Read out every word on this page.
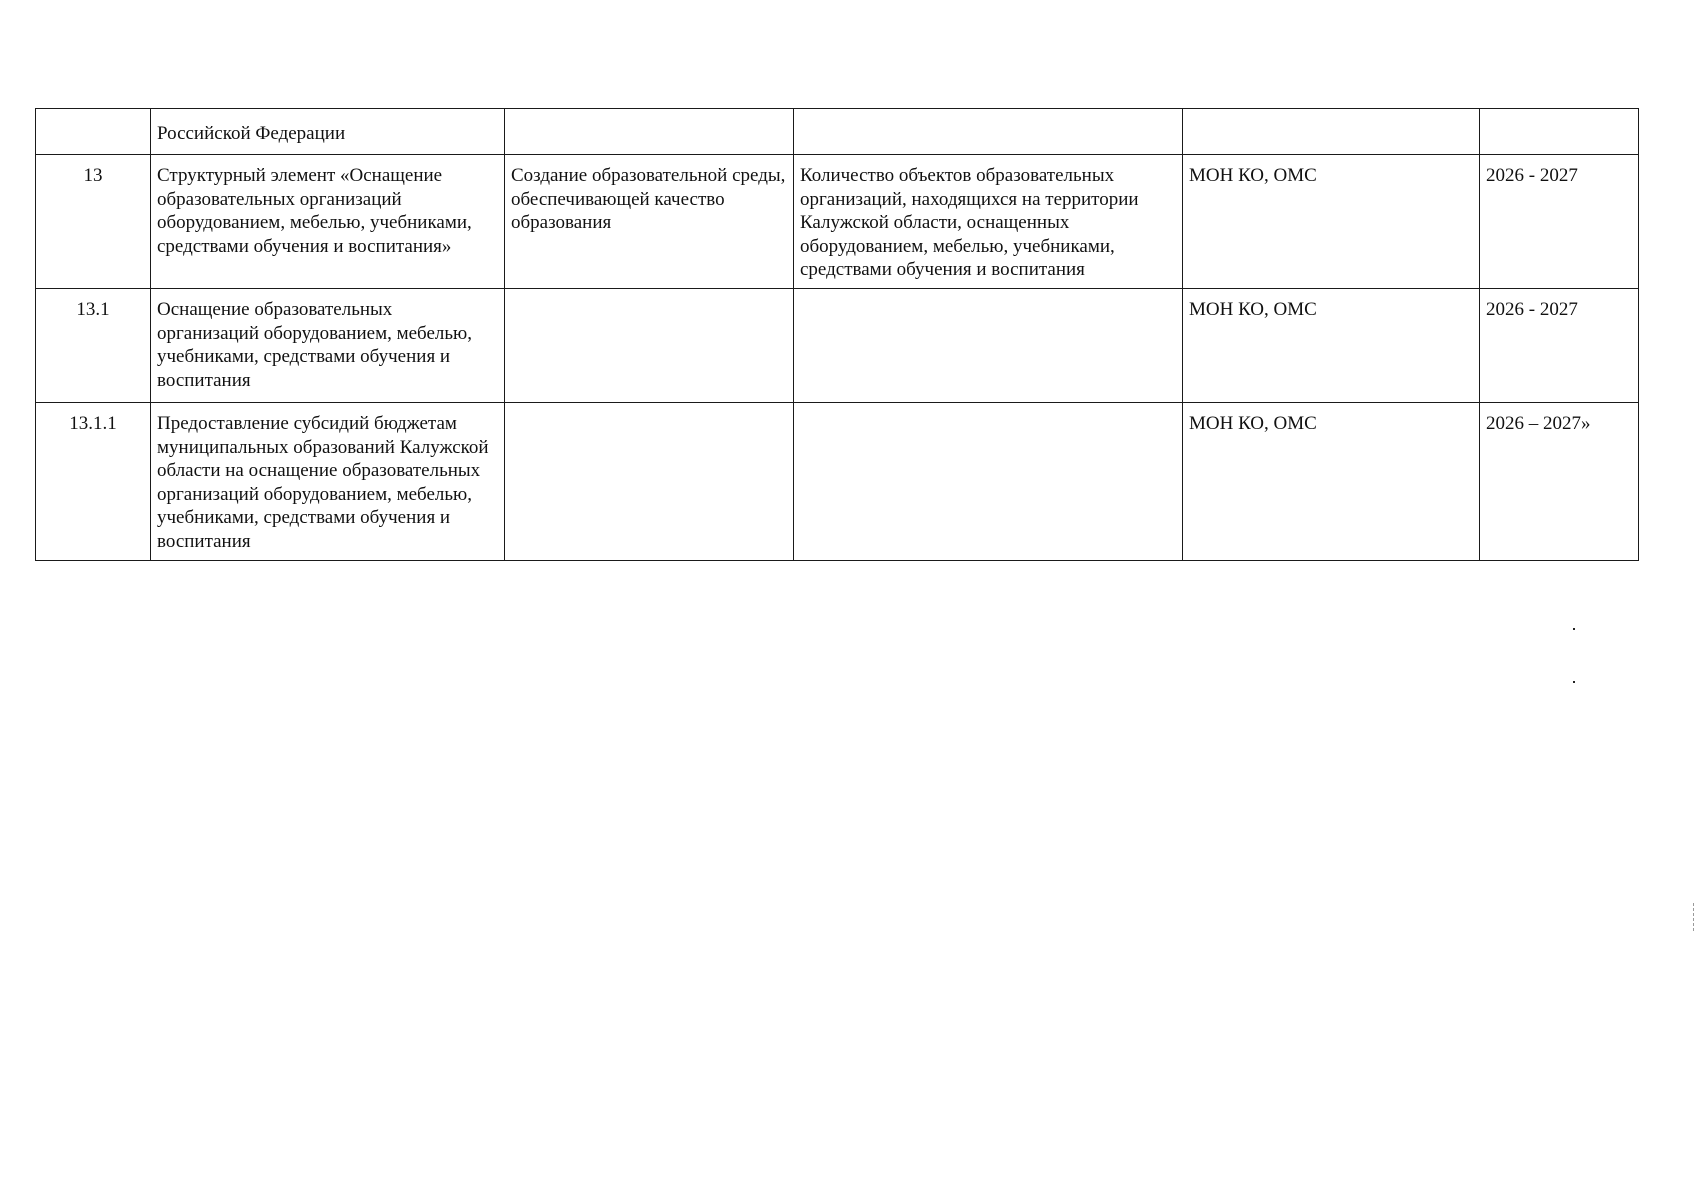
	Российской Федерации				
13	Структурный элемент «Оснащение образовательных организаций оборудованием, мебелью, учебниками, средствами обучения и воспитания»	Создание образовательной среды, обеспечивающей качество образования	Количество объектов образовательных организаций, находящихся на территории Калужской области, оснащенных оборудованием, мебелью, учебниками, средствами обучения и воспитания	МОН КО, ОМС	2026 - 2027
13.1	Оснащение образовательных организаций оборудованием, мебелью, учебниками, средствами обучения и воспитания			МОН КО, ОМС	2026 - 2027
13.1.1	Предоставление субсидий бюджетам муниципальных образований Калужской области на оснащение образовательных организаций оборудованием, мебелью, учебниками, средствами обучения и воспитания			МОН КО, ОМС	2026 – 2027»
